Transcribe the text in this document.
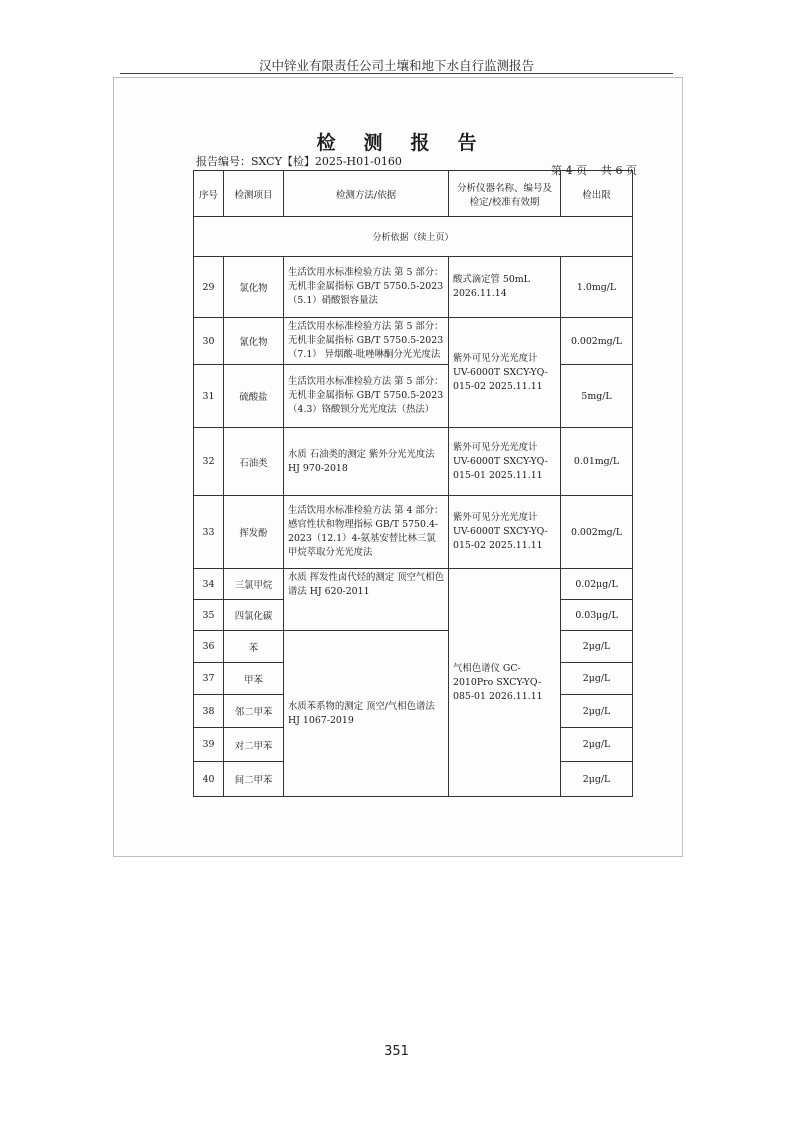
汉中锌业有限责任公司土壤和地下水自行监测报告
检测报告
报告编号：SXCY【检】2025-H01-0160
第 4 页 共 6 页
分析依据（续上页）				
序号	检测项目	检测方法/依据	分析仪器名称、编号及检定/校准有效期	检出限
29	氯化物	生活饮用水标准检验方法 第 5 部分：无机非金属指标 GB/T 5750.5-2023（5.1）硝酸银容量法	酸式滴定管 50mL 2026.11.14	1.0mg/L
30	氰化物	生活饮用水标准检验方法 第 5 部分：无机非金属指标 GB/T 5750.5-2023（7.1） 异烟酸-吡唑啉酮分光光度法	紫外可见分光光度计 UV-6000T SXCY-YQ-015-02 2025.11.11	0.002mg/L
31	硫酸盐	生活饮用水标准检验方法 第 5 部分：无机非金属指标 GB/T 5750.5-2023（4.3）铬酸钡分光光度法（热法）		5mg/L
32	石油类	水质 石油类的测定 紫外分光光度法 HJ 970-2018	紫外可见分光光度计 UV-6000T SXCY-YQ-015-01 2025.11.11	0.01mg/L
33	挥发酚	生活饮用水标准检验方法 第 4 部分：感官性状和物理指标 GB/T 5750.4-2023（12.1）4-氨基安替比林三氯甲烷萃取分光光度法	紫外可见分光光度计 UV-6000T SXCY-YQ-015-02 2025.11.11	0.002mg/L
34	三氯甲烷	水质 挥发性卤代烃的测定 顶空气相色谱法 HJ 620-2011	气相色谱仪 GC-2010Pro SXCY-YQ-085-01 2026.11.11	0.02μg/L
35	四氯化碳			0.03μg/L
36	苯	水质苯系物的测定 顶空/气相色谱法 HJ 1067-2019		2μg/L
37	甲苯			2μg/L
38	邻二甲苯			2μg/L
39	对二甲苯			2μg/L
40	间二甲苯			2μg/L
351
